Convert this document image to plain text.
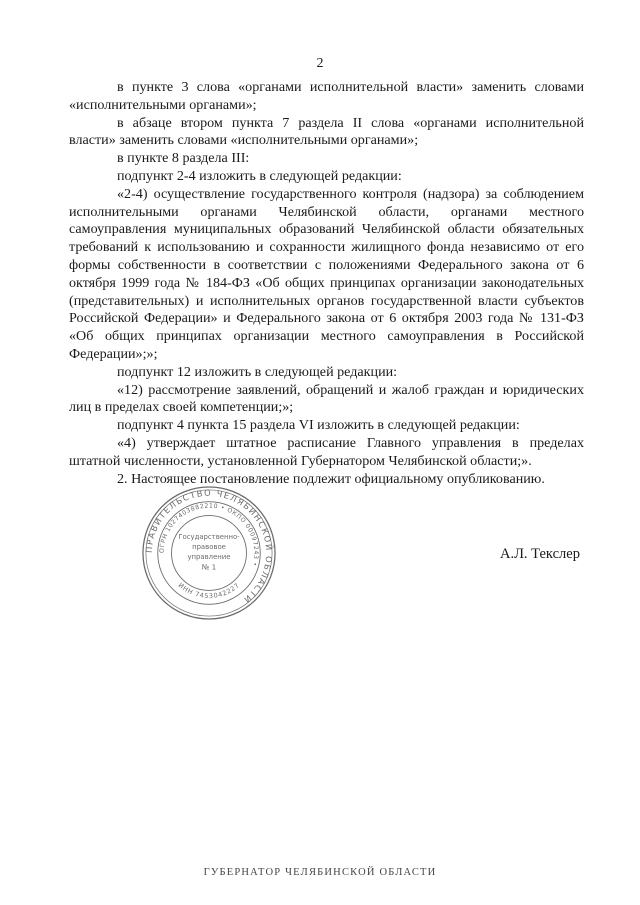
2

в пункте 3 слова «органами исполнительной власти» заменить словами «исполнительными органами»;

в абзаце втором пункта 7 раздела II слова «органами исполнительной власти» заменить словами «исполнительными органами»;

в пункте 8 раздела III:

подпункт 2-4 изложить в следующей редакции:

«2-4) осуществление государственного контроля (надзора) за соблюдением исполнительными органами Челябинской области, органами местного самоуправления муниципальных образований Челябинской области обязательных требований к использованию и сохранности жилищного фонда независимо от его формы собственности в соответствии с положениями Федерального закона от 6 октября 1999 года № 184-ФЗ «Об общих принципах организации законодательных (представительных) и исполнительных органов государственной власти субъектов Российской Федерации» и Федерального закона от 6 октября 2003 года № 131-ФЗ «Об общих принципах организации местного самоуправления в Российской Федерации»;»;

подпункт 12 изложить в следующей редакции:

«12) рассмотрение заявлений, обращений и жалоб граждан и юридических лиц в пределах своей компетенции;»;

подпункт 4 пункта 15 раздела VI изложить в следующей редакции:

«4) утверждает штатное расписание Главного управления в пределах штатной численности, установленной Губернатором Челябинской области;».

2. Настоящее постановление подлежит официальному опубликованию.

ПРАВИТЕЛЬСТВО ЧЕЛЯБИНСКОЙ ОБЛАСТИ
ОГРН 1027403882210 • ОКПО 00097243 •
Государственно-
правовое
управление
№ 1
ИНН 7453042227
А.Л. Текслер
ГУБЕРНАТОР ЧЕЛЯБИНСКОЙ ОБЛАСТИ
